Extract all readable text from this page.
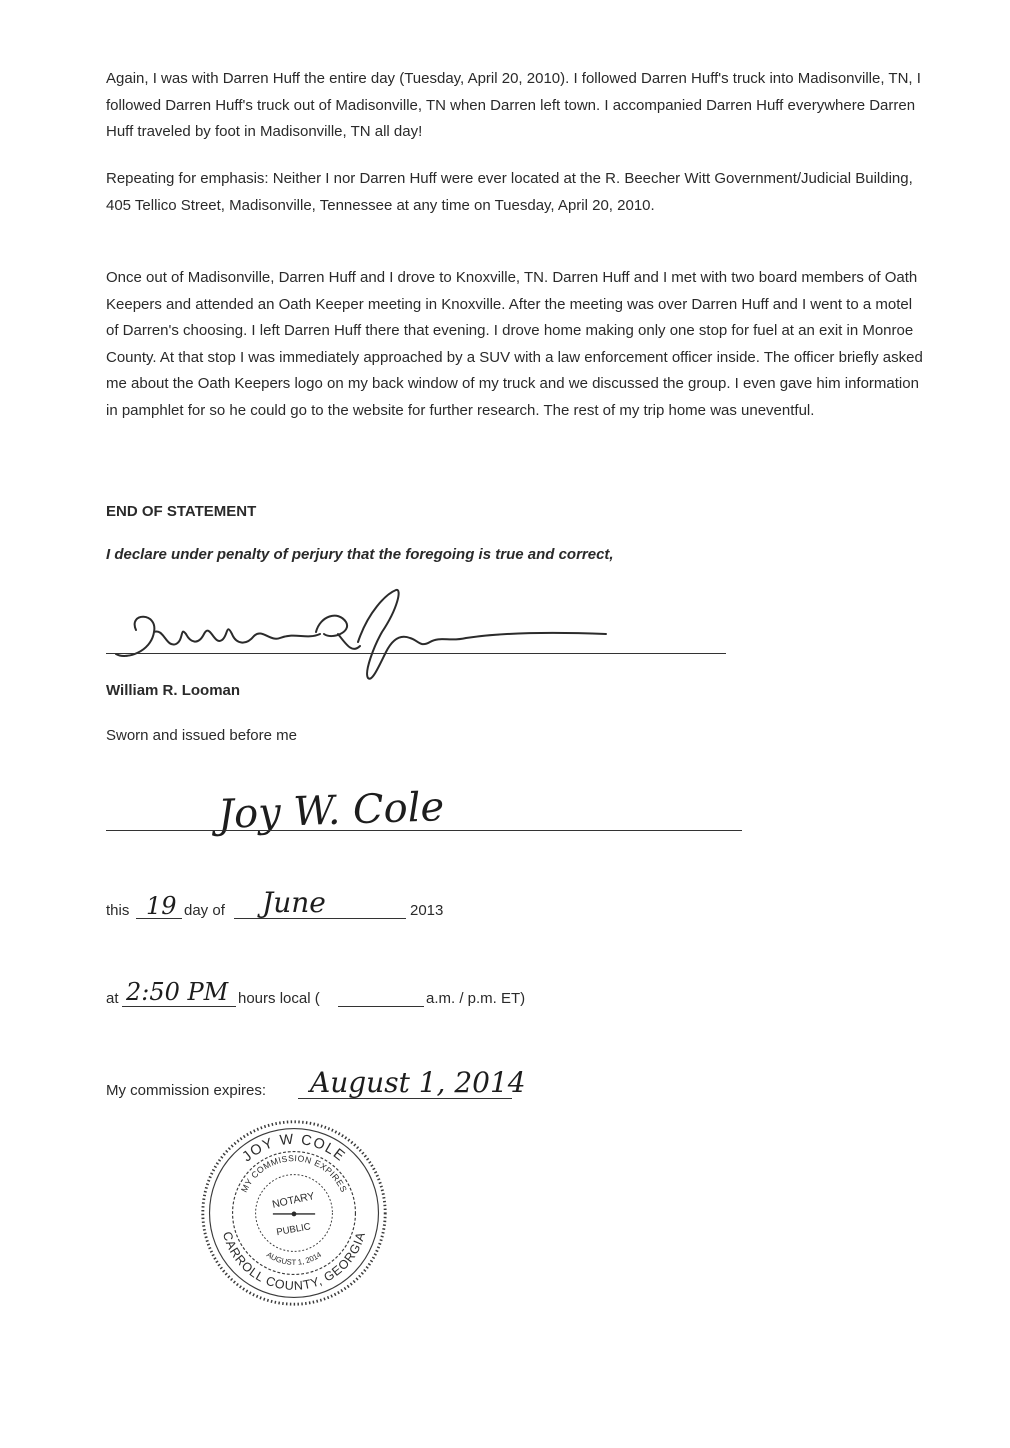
Again, I was with Darren Huff the entire day (Tuesday, April 20, 2010). I followed Darren Huff's truck into Madisonville, TN, I followed Darren Huff's truck out of Madisonville, TN when Darren left town. I accompanied Darren Huff everywhere Darren Huff traveled by foot in Madisonville, TN all day!

Repeating for emphasis: Neither I nor Darren Huff were ever located at the R. Beecher Witt Government/Judicial Building, 405 Tellico Street, Madisonville, Tennessee at any time on Tuesday, April 20, 2010.

Once out of Madisonville, Darren Huff and I drove to Knoxville, TN. Darren Huff and I met with two board members of Oath Keepers and attended an Oath Keeper meeting in Knoxville. After the meeting was over Darren Huff and I went to a motel of Darren's choosing. I left Darren Huff there that evening. I drove home making only one stop for fuel at an exit in Monroe County. At that stop I was immediately approached by a SUV with a law enforcement officer inside. The officer briefly asked me about the Oath Keepers logo on my back window of my truck and we discussed the group. I even gave him information in pamphlet for so he could go to the website for further research. The rest of my trip home was uneventful.

END OF STATEMENT

I declare under penalty of perjury that the foregoing is true and correct,

William R. Looman
Sworn and issued before me
Joy W. Cole
this 19 day of June	2013
at 2:50 PM hours local (	a.m. / p.m. ET)
My commission expires: August 1, 2014
JOY W COLE
CARROLL COUNTY, GEORGIA
MY COMMISSION EXPIRES
AUGUST 1, 2014
NOTARY
PUBLIC
